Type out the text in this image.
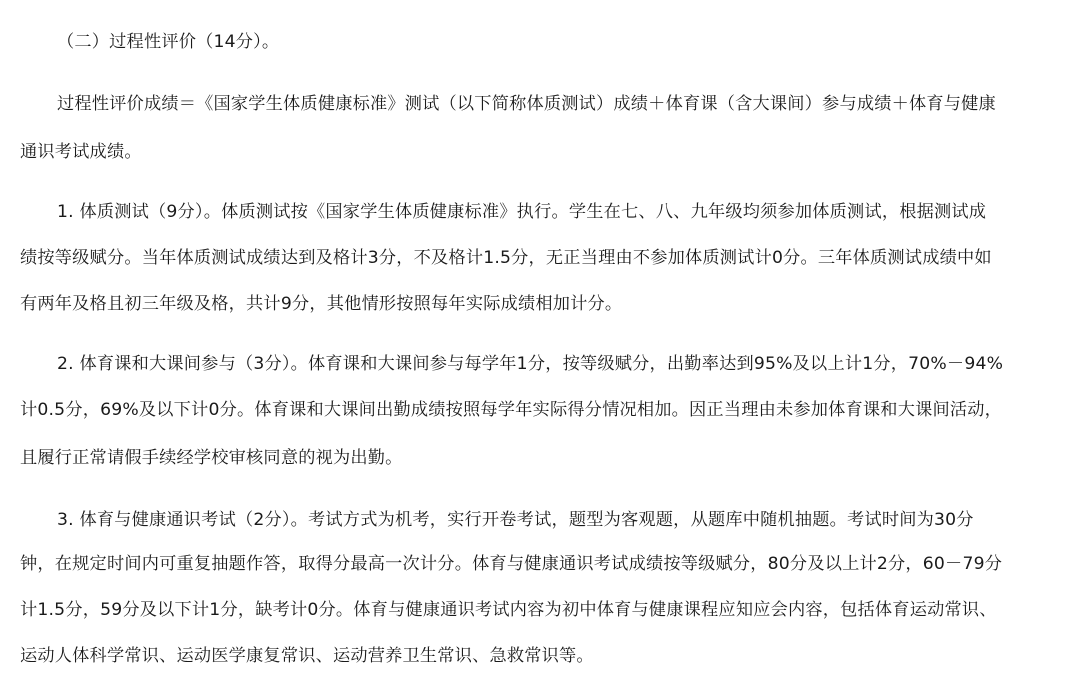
（二）过程性评价（14分）。
过程性评价成绩＝《国家学生体质健康标准》测试（以下简称体质测试）成绩＋体育课（含大课间）参与成绩＋体育与健康
通识考试成绩。
1. 体质测试（9分）。体质测试按《国家学生体质健康标准》执行。学生在七、八、九年级均须参加体质测试，根据测试成
绩按等级赋分。当年体质测试成绩达到及格计3分，不及格计1.5分，无正当理由不参加体质测试计0分。三年体质测试成绩中如
有两年及格且初三年级及格，共计9分，其他情形按照每年实际成绩相加计分。
2. 体育课和大课间参与（3分）。体育课和大课间参与每学年1分，按等级赋分，出勤率达到95%及以上计1分，70%－94%
计0.5分，69%及以下计0分。体育课和大课间出勤成绩按照每学年实际得分情况相加。因正当理由未参加体育课和大课间活动，
且履行正常请假手续经学校审核同意的视为出勤。
3. 体育与健康通识考试（2分）。考试方式为机考，实行开卷考试，题型为客观题，从题库中随机抽题。考试时间为30分
钟，在规定时间内可重复抽题作答，取得分最高一次计分。体育与健康通识考试成绩按等级赋分，80分及以上计2分，60－79分
计1.5分，59分及以下计1分，缺考计0分。体育与健康通识考试内容为初中体育与健康课程应知应会内容，包括体育运动常识、
运动人体科学常识、运动医学康复常识、运动营养卫生常识、急救常识等。
